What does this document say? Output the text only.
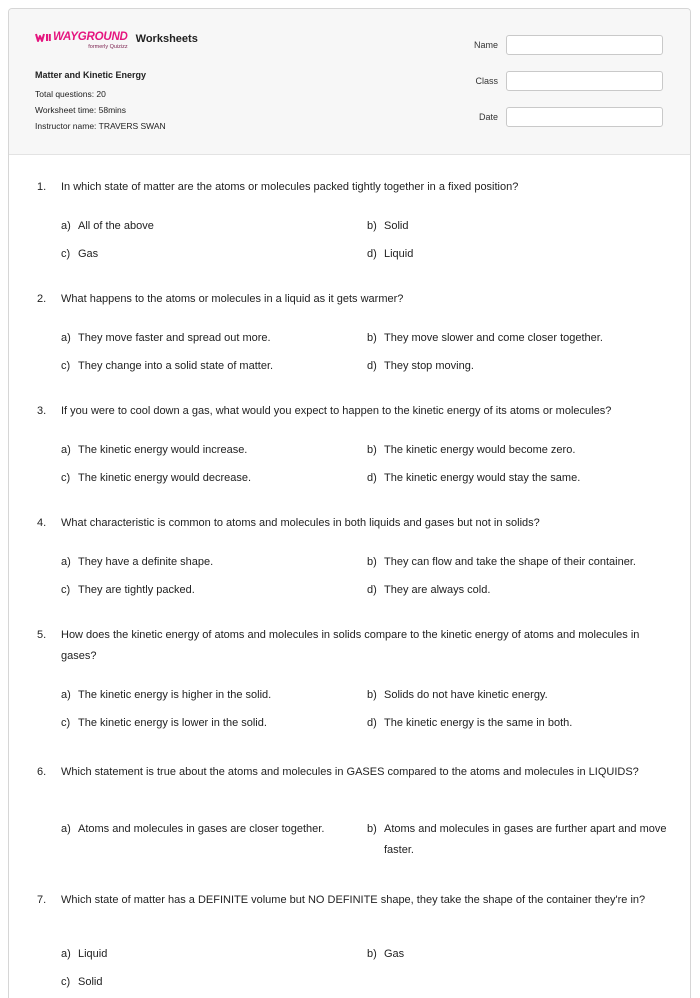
WAYGROUND
formerly Quizizz
Worksheets
Matter and Kinetic Energy
Total questions: 20
Worksheet time: 58mins
Instructor name: TRAVERS SWAN
Name
Class
Date
1.	In which state of matter are the atoms or molecules packed tightly together in a fixed position?
a) All of the above	b) Solid
c) Gas	d) Liquid
2.	What happens to the atoms or molecules in a liquid as it gets warmer?
a) They move faster and spread out more.	b) They move slower and come closer together.
c) They change into a solid state of matter.	d) They stop moving.
3.	If you were to cool down a gas, what would you expect to happen to the kinetic energy of its atoms or molecules?
a) The kinetic energy would increase.	b) The kinetic energy would become zero.
c) The kinetic energy would decrease.	d) The kinetic energy would stay the same.
4.	What characteristic is common to atoms and molecules in both liquids and gases but not in solids?
a) They have a definite shape.	b) They can flow and take the shape of their container.
c) They are tightly packed.	d) They are always cold.
5.	How does the kinetic energy of atoms and molecules in solids compare to the kinetic energy of atoms and molecules in gases?
a) The kinetic energy is higher in the solid.	b) Solids do not have kinetic energy.
c) The kinetic energy is lower in the solid.	d) The kinetic energy is the same in both.
6.	Which statement is true about the atoms and molecules in GASES compared to the atoms and molecules in LIQUIDS?
a) Atoms and molecules in gases are closer together.	b) Atoms and molecules in gases are further apart and move faster.
7.	Which state of matter has a DEFINITE volume but NO DEFINITE shape, they take the shape of the container they're in?
a) Liquid	b) Gas
c) Solid
